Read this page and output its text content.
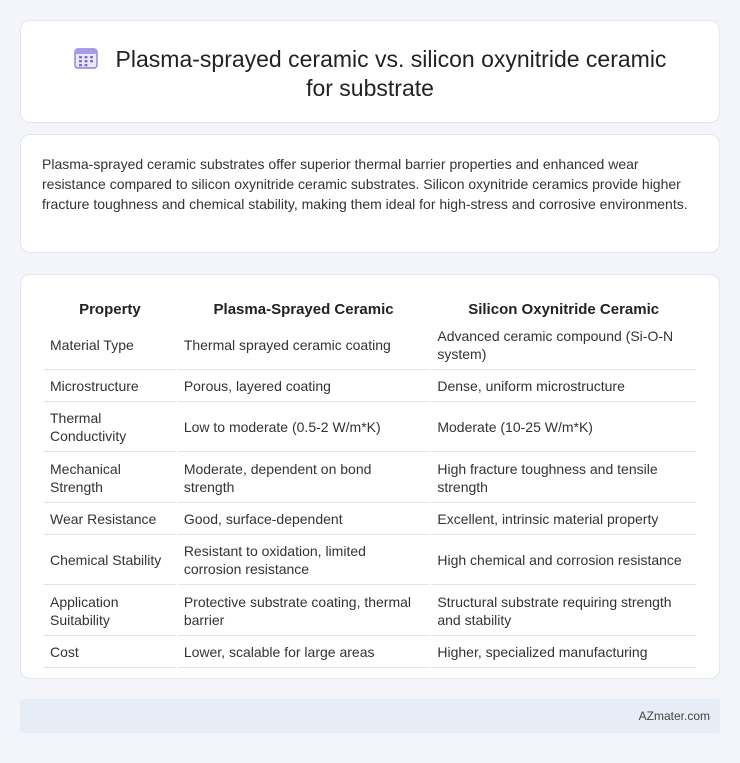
Plasma-sprayed ceramic vs. silicon oxynitride ceramic for substrate

Plasma-sprayed ceramic substrates offer superior thermal barrier properties and enhanced wear resistance compared to silicon oxynitride ceramic substrates. Silicon oxynitride ceramics provide higher fracture toughness and chemical stability, making them ideal for high-stress and corrosive environments.

Property	Plasma-Sprayed Ceramic	Silicon Oxynitride Ceramic
Material Type	Thermal sprayed ceramic coating	Advanced ceramic compound (Si-O-N system)
Microstructure	Porous, layered coating	Dense, uniform microstructure
Thermal Conductivity	Low to moderate (0.5-2 W/m*K)	Moderate (10-25 W/m*K)
Mechanical Strength	Moderate, dependent on bond strength	High fracture toughness and tensile strength
Wear Resistance	Good, surface-dependent	Excellent, intrinsic material property
Chemical Stability	Resistant to oxidation, limited corrosion resistance	High chemical and corrosion resistance
Application Suitability	Protective substrate coating, thermal barrier	Structural substrate requiring strength and stability
Cost	Lower, scalable for large areas	Higher, specialized manufacturing
AZmater.com
